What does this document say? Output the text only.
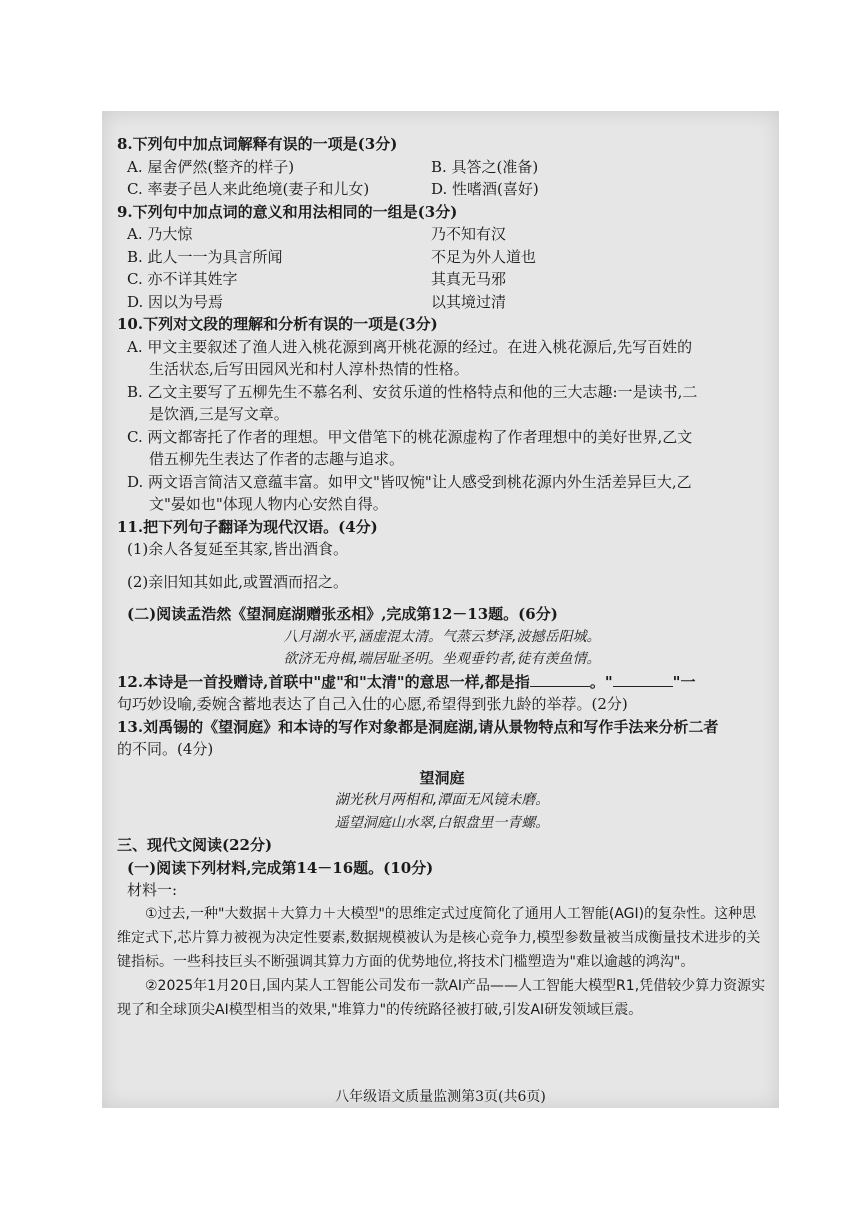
8.下列句中加点词解释有误的一项是(3分)
A. 屋舍俨然(整齐的样子)	B. 具答之(准备)
C. 率妻子邑人来此绝境(妻子和儿女)	D. 性嗜酒(喜好)
9.下列句中加点词的意义和用法相同的一组是(3分)
A. 乃大惊	乃不知有汉
B. 此人一一为具言所闻	不足为外人道也
C. 亦不详其姓字	其真无马邪
D. 因以为号焉	以其境过清
10.下列对文段的理解和分析有误的一项是(3分)
A. 甲文主要叙述了渔人进入桃花源到离开桃花源的经过。在进入桃花源后,先写百姓的
生活状态,后写田园风光和村人淳朴热情的性格。
B. 乙文主要写了五柳先生不慕名利、安贫乐道的性格特点和他的三大志趣:一是读书,二
是饮酒,三是写文章。
C. 两文都寄托了作者的理想。甲文借笔下的桃花源虚构了作者理想中的美好世界,乙文
借五柳先生表达了作者的志趣与追求。
D. 两文语言简洁又意蕴丰富。如甲文"皆叹惋"让人感受到桃花源内外生活差异巨大,乙
文"晏如也"体现人物内心安然自得。
11.把下列句子翻译为现代汉语。(4分)
(1)余人各复延至其家,皆出酒食。
(2)亲旧知其如此,或置酒而招之。
(二)阅读孟浩然《望洞庭湖赠张丞相》,完成第12－13题。(6分)
八月湖水平,涵虚混太清。气蒸云梦泽,波撼岳阳城。
欲济无舟楫,端居耻圣明。坐观垂钓者,徒有羡鱼情。
12.本诗是一首投赠诗,首联中"虚"和"太清"的意思一样,都是指	。"	"一
句巧妙设喻,委婉含蓄地表达了自己入仕的心愿,希望得到张九龄的举荐。(2分)
13.刘禹锡的《望洞庭》和本诗的写作对象都是洞庭湖,请从景物特点和写作手法来分析二者
的不同。(4分)
望洞庭
湖光秋月两相和,潭面无风镜未磨。
遥望洞庭山水翠,白银盘里一青螺。
三、现代文阅读(22分)
(一)阅读下列材料,完成第14－16题。(10分)
材料一:

①过去,一种"大数据＋大算力＋大模型"的思维定式过度简化了通用人工智能(AGI)的复杂性。这种思维定式下,芯片算力被视为决定性要素,数据规模被认为是核心竞争力,模型参数量被当成衡量技术进步的关键指标。一些科技巨头不断强调其算力方面的优势地位,将技术门槛塑造为"难以逾越的鸿沟"。

②2025年1月20日,国内某人工智能公司发布一款AI产品——人工智能大模型R1,凭借较少算力资源实现了和全球顶尖AI模型相当的效果,"堆算力"的传统路径被打破,引发AI研发领域巨震。

八年级语文质量监测第3页(共6页)
